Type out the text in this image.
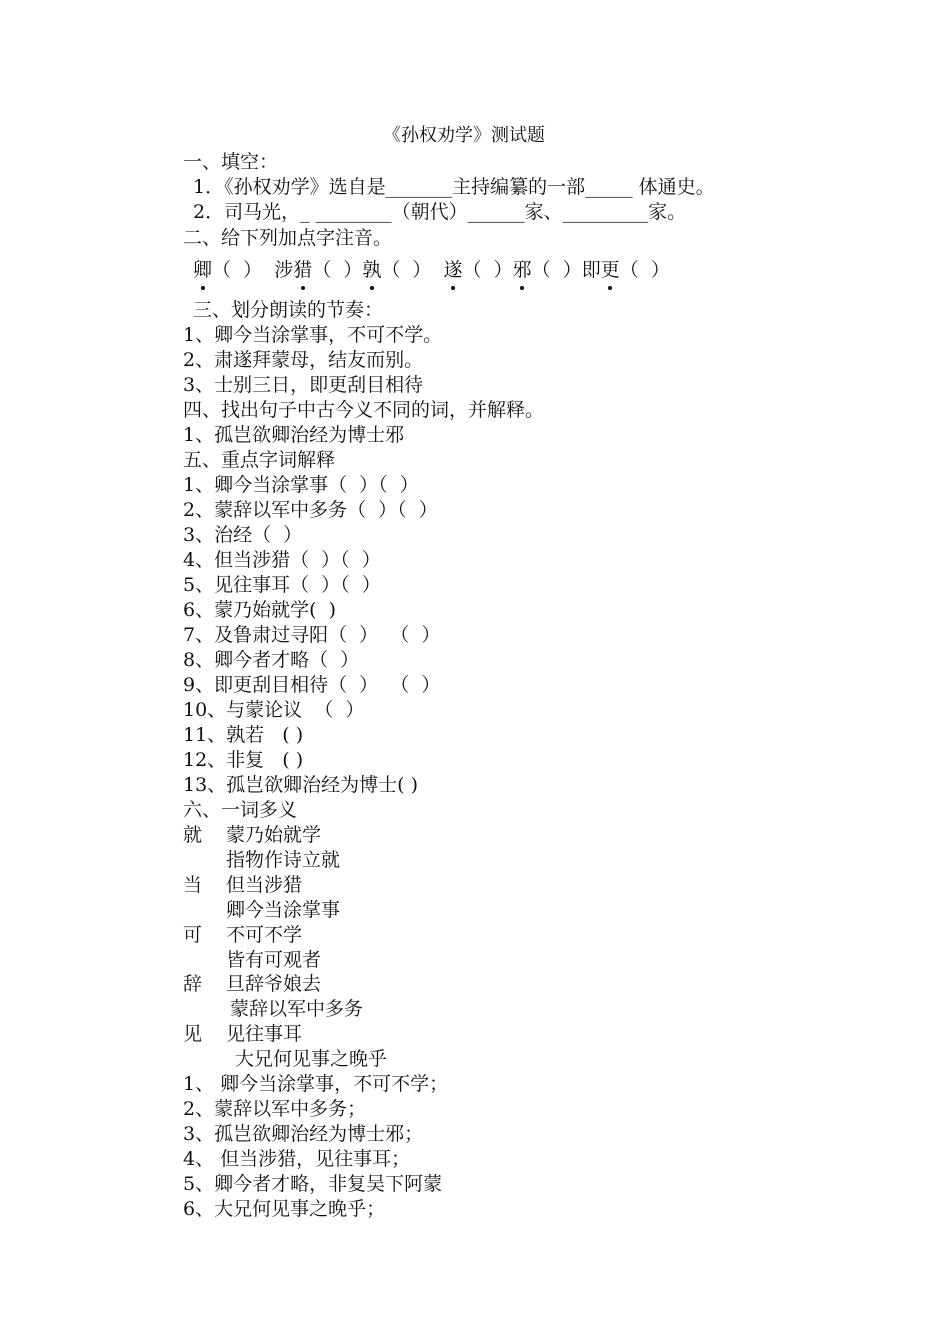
《孙权劝学》测试题
一、填空：
1．《孙权劝学》选自是_______主持编纂的一部_____ 体通史。
2．司马光，_ ________（朝代）______家、_________家。
二、给下列加点字注音。
卿（  ） 涉猎（  ）孰（  ） 遂（  ）邪（  ）即更（  ）
三、划分朗读的节奏：
1、卿今当涂掌事，不可不学。
2、肃遂拜蒙母，结友而别。
3、士别三日，即更刮目相待
四、找出句子中古今义不同的词，并解释。
1、孤岂欲卿治经为博士邪
五、重点字词解释
1、卿今当涂掌事（  ）（  ）
2、蒙辞以军中多务（  ）（  ）
3、治经（  ）
4、但当涉猎（  ）（  ）
5、见往事耳（  ）（  ）
6、蒙乃始就学(  )
7、及鲁肃过寻阳（  ）  （  ）
8、卿今者才略（  ）
9、即更刮目相待（  ）  （  ）
10、与蒙论议  （  ）
11、孰若   ( )
12、非复   ( )
13、孤岂欲卿治经为博士( )
六、一词多义
就 蒙乃始就学
指物作诗立就
当 但当涉猎
卿今当涂掌事
可 不可不学
皆有可观者
辞 旦辞爷娘去
蒙辞以军中多务
见 见往事耳
大兄何见事之晚乎
1、 卿今当涂掌事，不可不学；
2、蒙辞以军中多务；
3、孤岂欲卿治经为博士邪；
4、 但当涉猎，见往事耳；
5、卿今者才略，非复吴下阿蒙
6、大兄何见事之晚乎；
